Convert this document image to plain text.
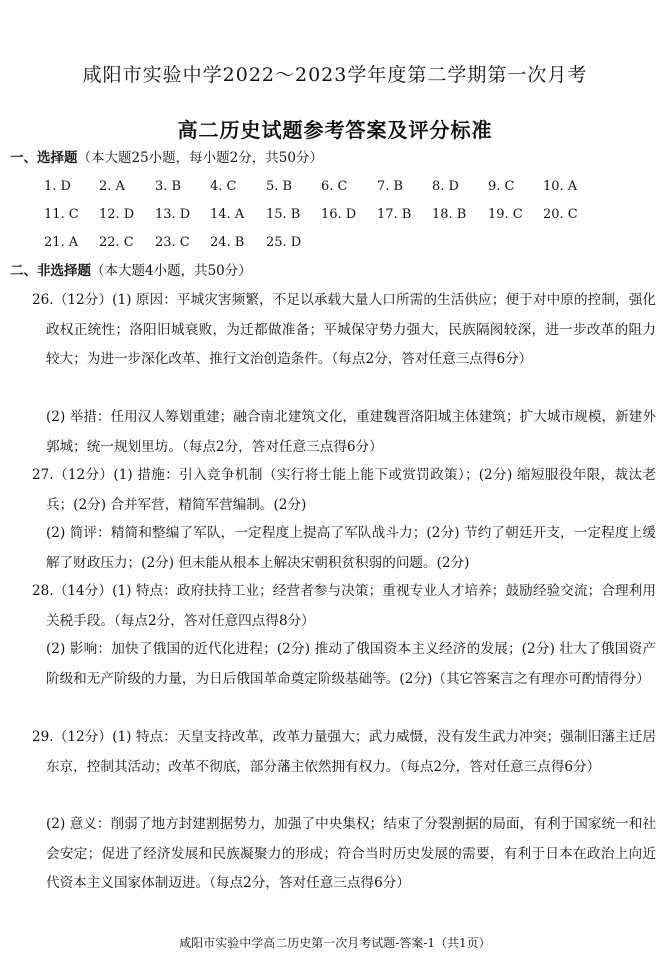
咸阳市实验中学2022～2023学年度第二学期第一次月考
高二历史试题参考答案及评分标准
一、选择题（本大题25小题，每小题2分，共50分）
1. D 2. A 3. B 4. C 5. B 6. C 7. B 8. D 9. C 10. A
11. C 12. D 13. D 14. A 15. B 16. D 17. B 18. B 19. C 20. C
21. A 22. C 23. C 24. B 25. D
二、非选择题（本大题4小题，共50分）
26.（12分）(1) 原因：平城灾害频繁，不足以承载大量人口所需的生活供应；便于对中原的控制，强化政权正统性；洛阳旧城衰败，为迁都做准备；平城保守势力强大，民族隔阂较深，进一步改革的阻力较大；为进一步深化改革、推行文治创造条件。（每点2分，答对任意三点得6分）
(2) 举措：任用汉人筹划重建；融合南北建筑文化，重建魏晋洛阳城主体建筑；扩大城市规模，新建外郭城；统一规划里坊。（每点2分，答对任意三点得6分）
27.（12分）(1) 措施：引入竞争机制（实行将士能上能下或赏罚政策）；(2分) 缩短服役年限，裁汰老兵；(2分) 合并军营，精简军营编制。(2分)
(2) 简评：精简和整编了军队，一定程度上提高了军队战斗力；(2分) 节约了朝廷开支，一定程度上缓解了财政压力；(2分) 但未能从根本上解决宋朝积贫积弱的问题。(2分)
28.（14分）(1) 特点：政府扶持工业；经营者参与决策；重视专业人才培养；鼓励经验交流；合理利用关税手段。（每点2分，答对任意四点得8分）
(2) 影响：加快了俄国的近代化进程；(2分) 推动了俄国资本主义经济的发展；(2分) 壮大了俄国资产阶级和无产阶级的力量，为日后俄国革命奠定阶级基础等。(2分)（其它答案言之有理亦可酌情得分）
29.（12分）(1) 特点：天皇支持改革，改革力量强大；武力威慑，没有发生武力冲突；强制旧藩主迁居东京，控制其活动；改革不彻底，部分藩主依然拥有权力。（每点2分，答对任意三点得6分）
(2) 意义：削弱了地方封建割据势力，加强了中央集权；结束了分裂割据的局面，有利于国家统一和社会安定；促进了经济发展和民族凝聚力的形成；符合当时历史发展的需要，有利于日本在政治上向近代资本主义国家体制迈进。（每点2分，答对任意三点得6分）
咸阳市实验中学高二历史第一次月考试题-答案-1（共1页）
